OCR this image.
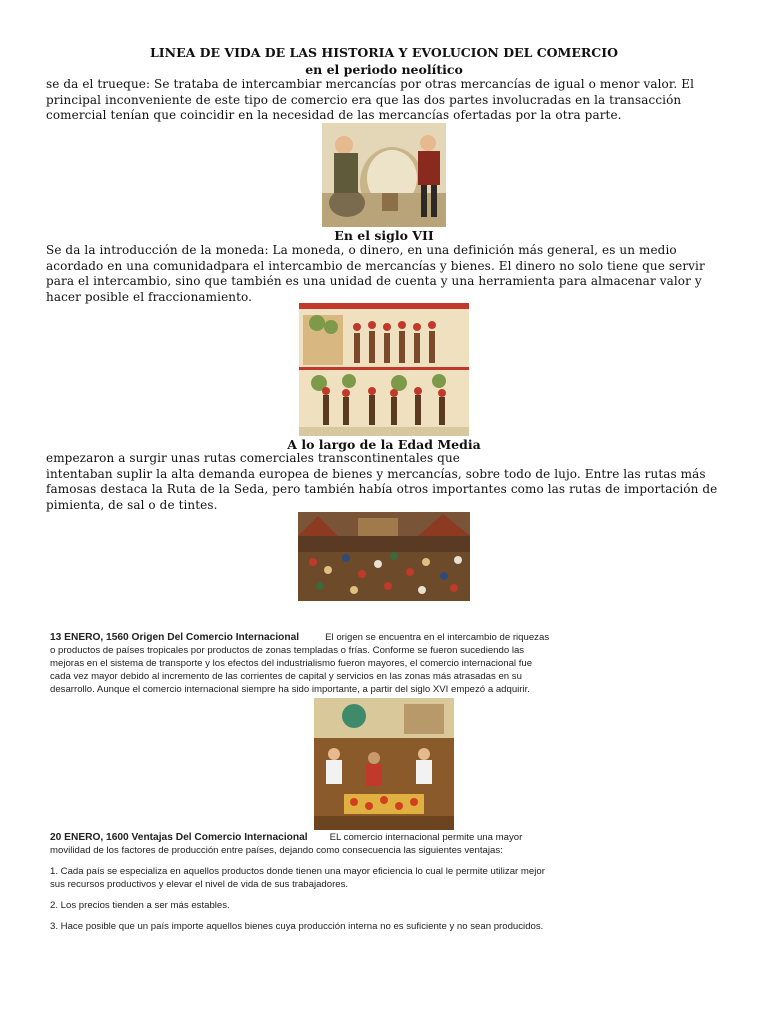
LINEA DE VIDA DE LAS HISTORIA Y EVOLUCION DEL COMERCIO
en el periodo neolítico
se da el trueque: Se trataba de intercambiar mercancías por otras mercancías de igual o menor valor. El
principal inconveniente de este tipo de comercio era que las dos partes involucradas en la transacción
comercial tenían que coincidir en la necesidad de las mercancías ofertadas por la otra parte.
En el siglo VII
Se da la introducción de la moneda: La moneda, o dinero, en una definición más general, es un medio
acordado en una comunidadpara el intercambio de mercancías y bienes. El dinero no solo tiene que servir
para el intercambio, sino que también es una unidad de cuenta y una herramienta para almacenar valor y
hacer posible el fraccionamiento.
A lo largo de la Edad Media
empezaron a surgir unas rutas comerciales transcontinentales que
intentaban suplir la alta demanda europea de bienes y mercancías, sobre todo de lujo. Entre las rutas más
famosas destaca la Ruta de la Seda, pero también había otros importantes como las rutas de importación de
pimienta, de sal o de tintes.
13 ENERO, 1560 Origen Del Comercio Internacional	El origen se encuentra en el intercambio de riquezas
o productos de países tropicales por productos de zonas templadas o frías. Conforme se fueron sucediendo las
mejoras en el sistema de transporte y los efectos del industrialismo fueron mayores, el comercio internacional fue
cada vez mayor debido al incremento de las corrientes de capital y servicios en las zonas más atrasadas en su
desarrollo. Aunque el comercio internacional siempre ha sido importante, a partir del siglo XVI empezó a adquirir.
20 ENERO, 1600 Ventajas Del Comercio Internacional EL comercio internacional permite una mayor
movilidad de los factores de producción entre países, dejando como consecuencia las siguientes ventajas:
1. Cada país se especializa en aquellos productos donde tienen una mayor eficiencia lo cual le permite utilizar mejor
sus recursos productivos y elevar el nivel de vida de sus trabajadores.
2. Los precios tienden a ser más estables.
3. Hace posible que un país importe aquellos bienes cuya producción interna no es suficiente y no sean producidos.
